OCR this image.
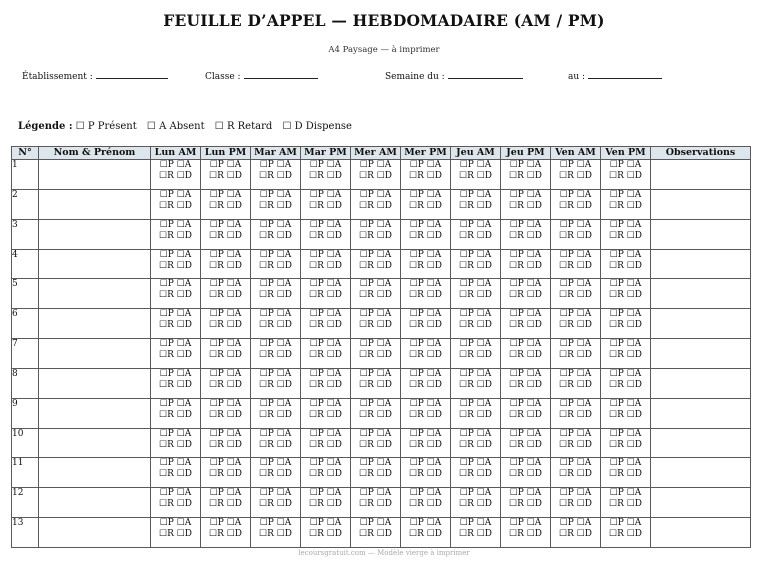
FEUILLE D’APPEL — HEBDOMADAIRE (AM / PM)
A4 Paysage — à imprimer
Établissement :	Classe :	Semaine du :	au :
Légende : ☐ P Présent ☐ A Absent ☐ R Retard ☐ D Dispense
N°	Nom & Prénom	Lun AM	Lun PM	Mar AM	Mar PM	Mer AM	Mer PM	Jeu AM	Jeu PM	Ven AM	Ven PM	Observations
1		☐P ☐A
☐R ☐D	☐P ☐A
☐R ☐D	☐P ☐A
☐R ☐D	☐P ☐A
☐R ☐D	☐P ☐A
☐R ☐D	☐P ☐A
☐R ☐D	☐P ☐A
☐R ☐D	☐P ☐A
☐R ☐D	☐P ☐A
☐R ☐D	☐P ☐A
☐R ☐D	

2		☐P ☐A
☐R ☐D	☐P ☐A
☐R ☐D	☐P ☐A
☐R ☐D	☐P ☐A
☐R ☐D	☐P ☐A
☐R ☐D	☐P ☐A
☐R ☐D	☐P ☐A
☐R ☐D	☐P ☐A
☐R ☐D	☐P ☐A
☐R ☐D	☐P ☐A
☐R ☐D	

3		☐P ☐A
☐R ☐D	☐P ☐A
☐R ☐D	☐P ☐A
☐R ☐D	☐P ☐A
☐R ☐D	☐P ☐A
☐R ☐D	☐P ☐A
☐R ☐D	☐P ☐A
☐R ☐D	☐P ☐A
☐R ☐D	☐P ☐A
☐R ☐D	☐P ☐A
☐R ☐D	

4		☐P ☐A
☐R ☐D	☐P ☐A
☐R ☐D	☐P ☐A
☐R ☐D	☐P ☐A
☐R ☐D	☐P ☐A
☐R ☐D	☐P ☐A
☐R ☐D	☐P ☐A
☐R ☐D	☐P ☐A
☐R ☐D	☐P ☐A
☐R ☐D	☐P ☐A
☐R ☐D	

5		☐P ☐A
☐R ☐D	☐P ☐A
☐R ☐D	☐P ☐A
☐R ☐D	☐P ☐A
☐R ☐D	☐P ☐A
☐R ☐D	☐P ☐A
☐R ☐D	☐P ☐A
☐R ☐D	☐P ☐A
☐R ☐D	☐P ☐A
☐R ☐D	☐P ☐A
☐R ☐D	

6		☐P ☐A
☐R ☐D	☐P ☐A
☐R ☐D	☐P ☐A
☐R ☐D	☐P ☐A
☐R ☐D	☐P ☐A
☐R ☐D	☐P ☐A
☐R ☐D	☐P ☐A
☐R ☐D	☐P ☐A
☐R ☐D	☐P ☐A
☐R ☐D	☐P ☐A
☐R ☐D	

7		☐P ☐A
☐R ☐D	☐P ☐A
☐R ☐D	☐P ☐A
☐R ☐D	☐P ☐A
☐R ☐D	☐P ☐A
☐R ☐D	☐P ☐A
☐R ☐D	☐P ☐A
☐R ☐D	☐P ☐A
☐R ☐D	☐P ☐A
☐R ☐D	☐P ☐A
☐R ☐D	

8		☐P ☐A
☐R ☐D	☐P ☐A
☐R ☐D	☐P ☐A
☐R ☐D	☐P ☐A
☐R ☐D	☐P ☐A
☐R ☐D	☐P ☐A
☐R ☐D	☐P ☐A
☐R ☐D	☐P ☐A
☐R ☐D	☐P ☐A
☐R ☐D	☐P ☐A
☐R ☐D	

9		☐P ☐A
☐R ☐D	☐P ☐A
☐R ☐D	☐P ☐A
☐R ☐D	☐P ☐A
☐R ☐D	☐P ☐A
☐R ☐D	☐P ☐A
☐R ☐D	☐P ☐A
☐R ☐D	☐P ☐A
☐R ☐D	☐P ☐A
☐R ☐D	☐P ☐A
☐R ☐D	

10		☐P ☐A
☐R ☐D	☐P ☐A
☐R ☐D	☐P ☐A
☐R ☐D	☐P ☐A
☐R ☐D	☐P ☐A
☐R ☐D	☐P ☐A
☐R ☐D	☐P ☐A
☐R ☐D	☐P ☐A
☐R ☐D	☐P ☐A
☐R ☐D	☐P ☐A
☐R ☐D	

11		☐P ☐A
☐R ☐D	☐P ☐A
☐R ☐D	☐P ☐A
☐R ☐D	☐P ☐A
☐R ☐D	☐P ☐A
☐R ☐D	☐P ☐A
☐R ☐D	☐P ☐A
☐R ☐D	☐P ☐A
☐R ☐D	☐P ☐A
☐R ☐D	☐P ☐A
☐R ☐D	

12		☐P ☐A
☐R ☐D	☐P ☐A
☐R ☐D	☐P ☐A
☐R ☐D	☐P ☐A
☐R ☐D	☐P ☐A
☐R ☐D	☐P ☐A
☐R ☐D	☐P ☐A
☐R ☐D	☐P ☐A
☐R ☐D	☐P ☐A
☐R ☐D	☐P ☐A
☐R ☐D	

13		☐P ☐A
☐R ☐D	☐P ☐A
☐R ☐D	☐P ☐A
☐R ☐D	☐P ☐A
☐R ☐D	☐P ☐A
☐R ☐D	☐P ☐A
☐R ☐D	☐P ☐A
☐R ☐D	☐P ☐A
☐R ☐D	☐P ☐A
☐R ☐D	☐P ☐A
☐R ☐D	

lecoursgratuit.com — Modèle vierge à imprimer
